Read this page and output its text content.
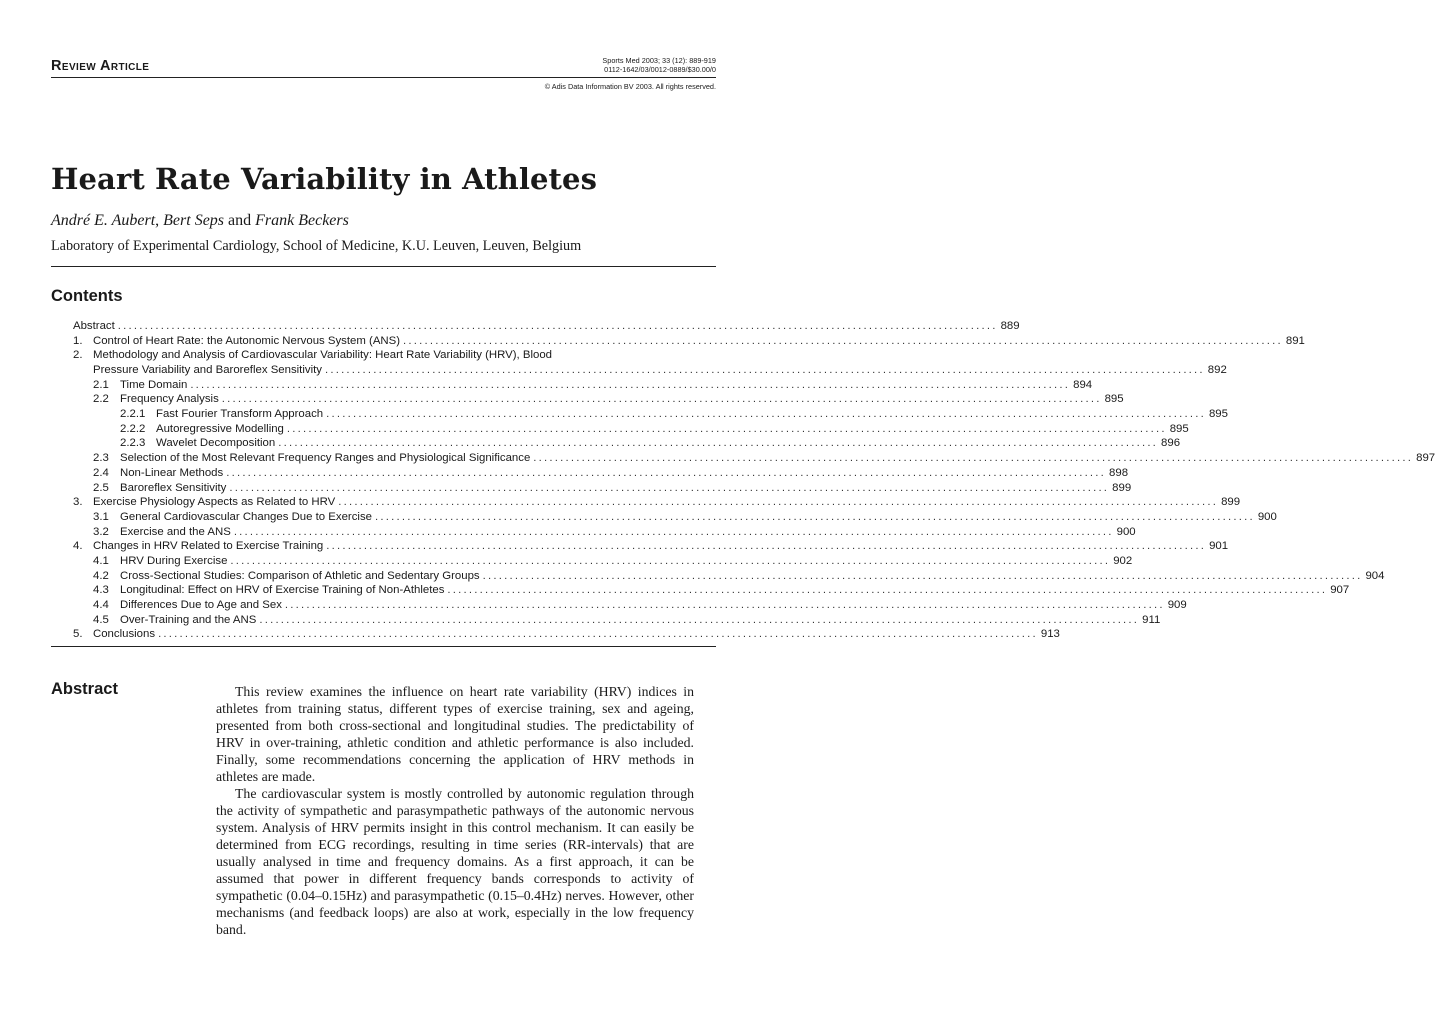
Review Article	Sports Med 2003; 33 (12): 889-919
0112-1642/03/0012-0889/$30.00/0
© Adis Data Information BV 2003. All rights reserved.
Heart Rate Variability in Athletes
André E. Aubert, Bert Seps and Frank Beckers
Laboratory of Experimental Cardiology, School of Medicine, K.U. Leuven, Leuven, Belgium
Contents
Abstract .................................................................................................................................................................... 889
1. Control of Heart Rate: the Autonomic Nervous System (ANS) .................................................................................................................................................................... 891
2. Methodology and Analysis of Cardiovascular Variability: Heart Rate Variability (HRV), Blood
Pressure Variability and Baroreflex Sensitivity .................................................................................................................................................................... 892
2.1 Time Domain .................................................................................................................................................................... 894
2.2 Frequency Analysis .................................................................................................................................................................... 895
2.2.1 Fast Fourier Transform Approach .................................................................................................................................................................... 895
2.2.2 Autoregressive Modelling .................................................................................................................................................................... 895
2.2.3 Wavelet Decomposition .................................................................................................................................................................... 896
2.3 Selection of the Most Relevant Frequency Ranges and Physiological Significance .................................................................................................................................................................... 897
2.4 Non-Linear Methods .................................................................................................................................................................... 898
2.5 Baroreflex Sensitivity .................................................................................................................................................................... 899
3. Exercise Physiology Aspects as Related to HRV .................................................................................................................................................................... 899
3.1 General Cardiovascular Changes Due to Exercise .................................................................................................................................................................... 900
3.2 Exercise and the ANS .................................................................................................................................................................... 900
4. Changes in HRV Related to Exercise Training .................................................................................................................................................................... 901
4.1 HRV During Exercise .................................................................................................................................................................... 902
4.2 Cross-Sectional Studies: Comparison of Athletic and Sedentary Groups .................................................................................................................................................................... 904
4.3 Longitudinal: Effect on HRV of Exercise Training of Non-Athletes .................................................................................................................................................................... 907
4.4 Differences Due to Age and Sex .................................................................................................................................................................... 909
4.5 Over-Training and the ANS .................................................................................................................................................................... 911
5. Conclusions .................................................................................................................................................................... 913
Abstract	This review examines the influence on heart rate variability (HRV) indices in athletes from training status, different types of exercise training, sex and ageing, presented from both cross-sectional and longitudinal studies. The predictability of HRV in over-training, athletic condition and athletic performance is also included. Finally, some recommendations concerning the application of HRV methods in athletes are made.

The cardiovascular system is mostly controlled by autonomic regulation through the activity of sympathetic and parasympathetic pathways of the autonomic nervous system. Analysis of HRV permits insight in this control mechanism. It can easily be determined from ECG recordings, resulting in time series (RR-intervals) that are usually analysed in time and frequency domains. As a first approach, it can be assumed that power in different frequency bands corresponds to activity of sympathetic (0.04–0.15Hz) and parasympathetic (0.15–0.4Hz) nerves. However, other mechanisms (and feedback loops) are also at work, especially in the low frequency band.
